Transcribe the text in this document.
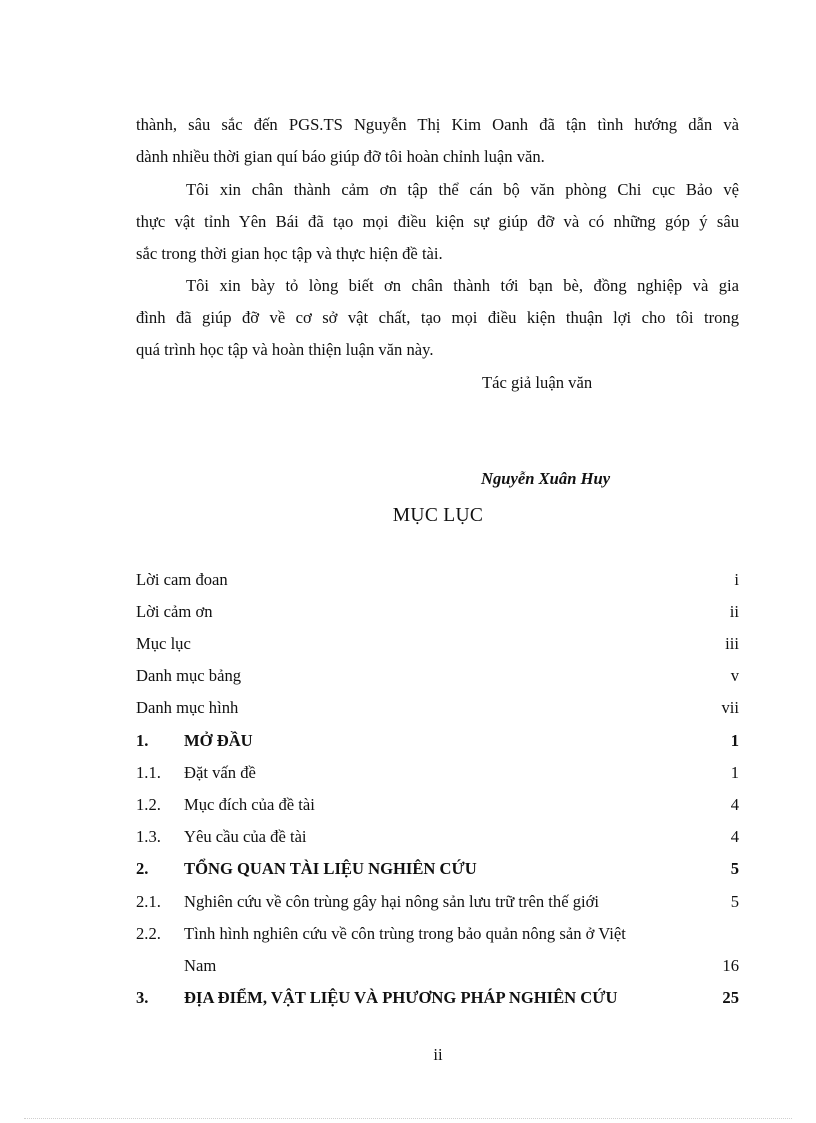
thành, sâu sắc đến PGS.TS Nguyễn Thị Kim Oanh đã tận tình hướng dẫn và
dành nhiều thời gian quí báo giúp đỡ tôi hoàn chỉnh luận văn.
Tôi xin chân thành cảm ơn tập thể cán bộ văn phòng Chi cục Bảo vệ
thực vật tỉnh Yên Bái đã tạo mọi điều kiện sự giúp đỡ và có những góp ý sâu
sắc trong thời gian học tập và thực hiện đề tài.
Tôi xin bày tỏ lòng biết ơn chân thành tới bạn bè, đồng nghiệp và gia
đình đã giúp đỡ về cơ sở vật chất, tạo mọi điều kiện thuận lợi cho tôi trong
quá trình học tập và hoàn thiện luận văn này.
Tác giả luận văn
Nguyễn Xuân Huy
MỤC LỤC
Lời cam đoan	i
Lời cảm ơn	ii
Mục lục	iii
Danh mục bảng	v
Danh mục hình	vii
1. MỞ ĐẦU	1
1.1. Đặt vấn đề	1
1.2. Mục đích của đề tài	4
1.3. Yêu cầu của đề tài	4
2. TỔNG QUAN TÀI LIỆU NGHIÊN CỨU	5
2.1. Nghiên cứu về côn trùng gây hại nông sản lưu trữ trên thế giới	5
2.2. Tình hình nghiên cứu về côn trùng trong bảo quản nông sản ở Việt
Nam	16
3. ĐỊA ĐIỂM, VẬT LIỆU VÀ PHƯƠNG PHÁP NGHIÊN CỨU	25
ii
